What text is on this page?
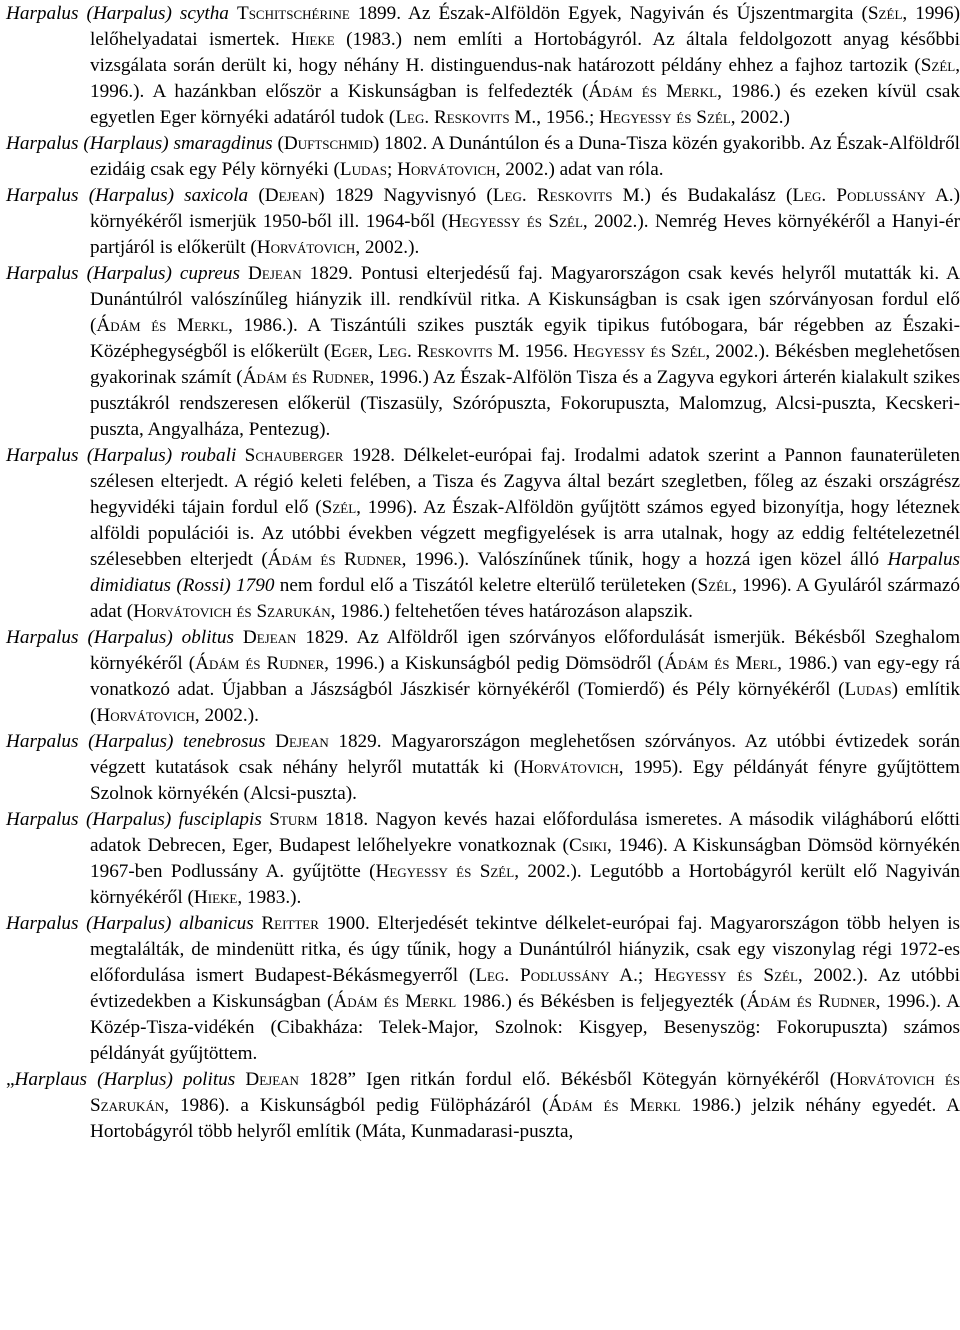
Harpalus (Harpalus) scytha Tschitschérine 1899. Az Észak-Alföldön Egyek, Nagyiván és Újszentmargita (Szél, 1996) lelőhelyadatai ismertek. Hieke (1983.) nem említi a Hortobágyról. Az általa feldolgozott anyag későbbi vizsgálata során derült ki, hogy néhány H. distinguendus-nak határozott példány ehhez a fajhoz tartozik (Szél, 1996.). A hazánkban először a Kiskunságban is felfedezték (Ádám és Merkl, 1986.) és ezeken kívül csak egyetlen Eger környéki adatáról tudok (Leg. Reskovits M., 1956.; Hegyessy és Szél, 2002.)

Harpalus (Harplaus) smaragdinus (Duftschmid) 1802. A Dunántúlon és a Duna-Tisza közén gyakoribb. Az Észak-Alföldről ezidáig csak egy Pély környéki (Ludas; Horvátovich, 2002.) adat van róla.

Harpalus (Harpalus) saxicola (Dejean) 1829 Nagyvisnyó (Leg. Reskovits M.) és Budakalász (Leg. Podlussány A.) környékéről ismerjük 1950-ből ill. 1964-ből (Hegyessy és Szél, 2002.). Nemrég Heves környékéről a Hanyi-ér partjáról is előkerült (Horvátovich, 2002.).

Harpalus (Harpalus) cupreus Dejean 1829. Pontusi elterjedésű faj. Magyarországon csak kevés helyről mutatták ki. A Dunántúlról valószínűleg hiányzik ill. rendkívül ritka. A Kiskunságban is csak igen szórványosan fordul elő (Ádám és Merkl, 1986.). A Tiszántúli szikes puszták egyik tipikus futóbogara, bár régebben az Északi-Középhegységből is előkerült (Eger, Leg. Reskovits M. 1956. Hegyessy és Szél, 2002.). Békésben meglehetősen gyakorinak számít (Ádám és Rudner, 1996.) Az Észak-Alfölön Tisza és a Zagyva egykori árterén kialakult szikes pusztákról rendszeresen előkerül (Tiszasüly, Szórópuszta, Fokorupuszta, Malomzug, Alcsi-puszta, Kecskeri-puszta, Angyalháza, Pentezug).

Harpalus (Harpalus) roubali Schauberger 1928. Délkelet-európai faj. Irodalmi adatok szerint a Pannon faunaterületen szélesen elterjedt. A régió keleti felében, a Tisza és Zagyva által bezárt szegletben, főleg az északi országrész hegyvidéki tájain fordul elő (Szél, 1996). Az Észak-Alföldön gyűjtött számos egyed bizonyítja, hogy léteznek alföldi populációi is. Az utóbbi években végzett megfigyelések is arra utalnak, hogy az eddig feltételezetnél szélesebben elterjedt (Ádám és Rudner, 1996.). Valószínűnek tűnik, hogy a hozzá igen közel álló Harpalus dimidiatus (Rossi) 1790 nem fordul elő a Tiszától keletre elterülő területeken (Szél, 1996). A Gyuláról származó adat (Horvátovich és Szarukán, 1986.) feltehetően téves határozáson alapszik.

Harpalus (Harpalus) oblitus Dejean 1829. Az Alföldről igen szórványos előfordulását ismerjük. Békésből Szeghalom környékéről (Ádám és Rudner, 1996.) a Kiskunságból pedig Dömsödről (Ádám és Merl, 1986.) van egy-egy rá vonatkozó adat. Újabban a Jászságból Jászkisér környékéről (Tomierdő) és Pély környékéről (Ludas) említik (Horvátovich, 2002.).

Harpalus (Harpalus) tenebrosus Dejean 1829. Magyarországon meglehetősen szórványos. Az utóbbi évtizedek során végzett kutatások csak néhány helyről mutatták ki (Horvátovich, 1995). Egy példányát fényre gyűjtöttem Szolnok környékén (Alcsi-puszta).

Harpalus (Harpalus) fusciplapis Sturm 1818. Nagyon kevés hazai előfordulása ismeretes. A második világháború előtti adatok Debrecen, Eger, Budapest lelőhelyekre vonatkoznak (Csiki, 1946). A Kiskunságban Dömsöd környékén 1967-ben Podlussány A. gyűjtötte (Hegyessy és Szél, 2002.). Legutóbb a Hortobágyról került elő Nagyiván környékéről (Hieke, 1983.).

Harpalus (Harpalus) albanicus Reitter 1900. Elterjedését tekintve délkelet-európai faj. Magyarországon több helyen is megtalálták, de mindenütt ritka, és úgy tűnik, hogy a Dunántúlról hiányzik, csak egy viszonylag régi 1972-es előfordulása ismert Budapest-Békásmegyerről (Leg. Podlussány A.; Hegyessy és Szél, 2002.). Az utóbbi évtizedekben a Kiskunságban (Ádám és Merkl 1986.) és Békésben is feljegyezték (Ádám és Rudner, 1996.). A Közép-Tisza-vidékén (Cibakháza: Telek-Major, Szolnok: Kisgyep, Besenyszög: Fokorupuszta) számos példányát gyűjtöttem.

„Harplaus (Harplus) politus Dejean 1828” Igen ritkán fordul elő. Békésből Kötegyán környékéről (Horvátovich és Szarukán, 1986). a Kiskunságból pedig Fülöpházáról (Ádám és Merkl 1986.) jelzik néhány egyedét. A Hortobágyról több helyről említik (Máta, Kunmadarasi-puszta,
